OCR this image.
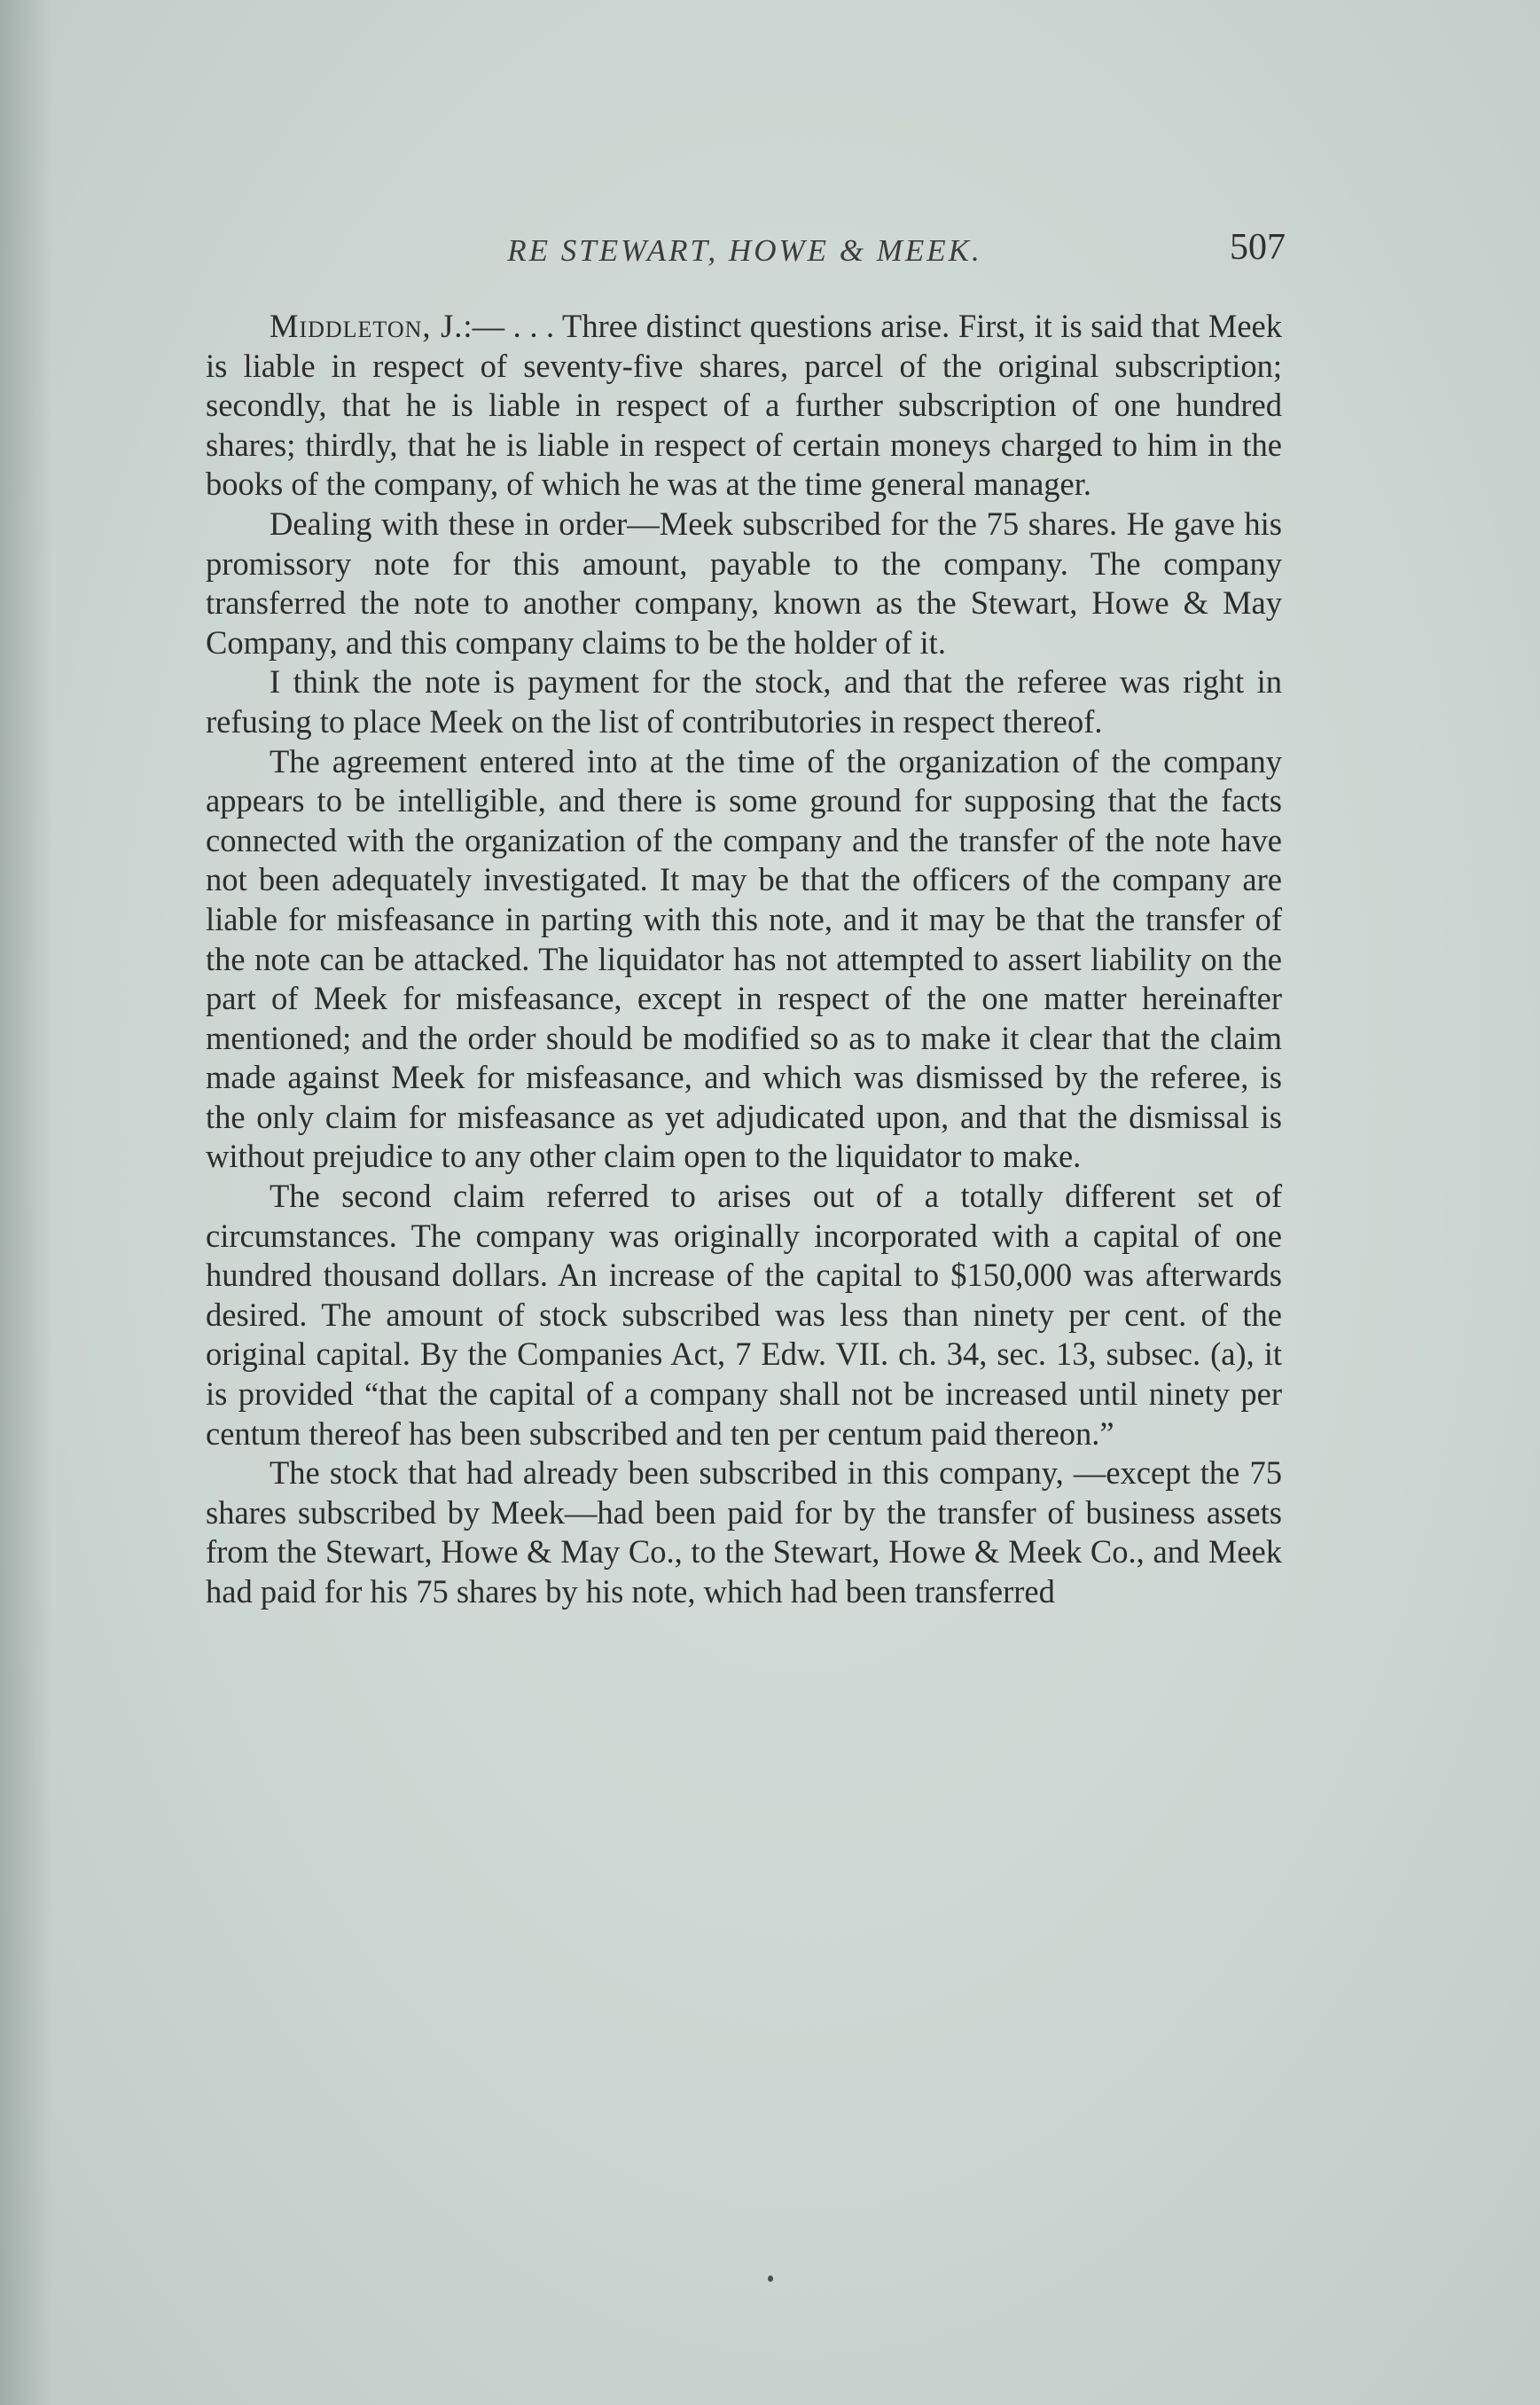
RE STEWART, HOWE & MEEK.	507

Middleton, J.:— . . . Three distinct questions arise. First, it is said that Meek is liable in respect of seventy-five shares, parcel of the original subscription; secondly, that he is liable in respect of a further subscription of one hundred shares; thirdly, that he is liable in respect of certain moneys charged to him in the books of the company, of which he was at the time general manager.

Dealing with these in order—Meek subscribed for the 75 shares. He gave his promissory note for this amount, payable to the company. The company transferred the note to another company, known as the Stewart, Howe & May Company, and this company claims to be the holder of it.

I think the note is payment for the stock, and that the referee was right in refusing to place Meek on the list of contributories in respect thereof.

The agreement entered into at the time of the organization of the company appears to be intelligible, and there is some ground for supposing that the facts connected with the organization of the company and the transfer of the note have not been adequately investigated. It may be that the officers of the company are liable for misfeasance in parting with this note, and it may be that the transfer of the note can be attacked. The liquidator has not attempted to assert liability on the part of Meek for misfeasance, except in respect of the one matter hereinafter mentioned; and the order should be modified so as to make it clear that the claim made against Meek for misfeasance, and which was dismissed by the referee, is the only claim for misfeasance as yet adjudicated upon, and that the dismissal is without prejudice to any other claim open to the liquidator to make.

The second claim referred to arises out of a totally different set of circumstances. The company was originally incorporated with a capital of one hundred thousand dollars. An increase of the capital to $150,000 was afterwards desired. The amount of stock subscribed was less than ninety per cent. of the original capital. By the Companies Act, 7 Edw. VII. ch. 34, sec. 13, subsec. (a), it is provided “that the capital of a company shall not be increased until ninety per centum thereof has been subscribed and ten per centum paid thereon.”

The stock that had already been subscribed in this company, —except the 75 shares subscribed by Meek—had been paid for by the transfer of business assets from the Stewart, Howe & May Co., to the Stewart, Howe & Meek Co., and Meek had paid for his 75 shares by his note, which had been transferred
